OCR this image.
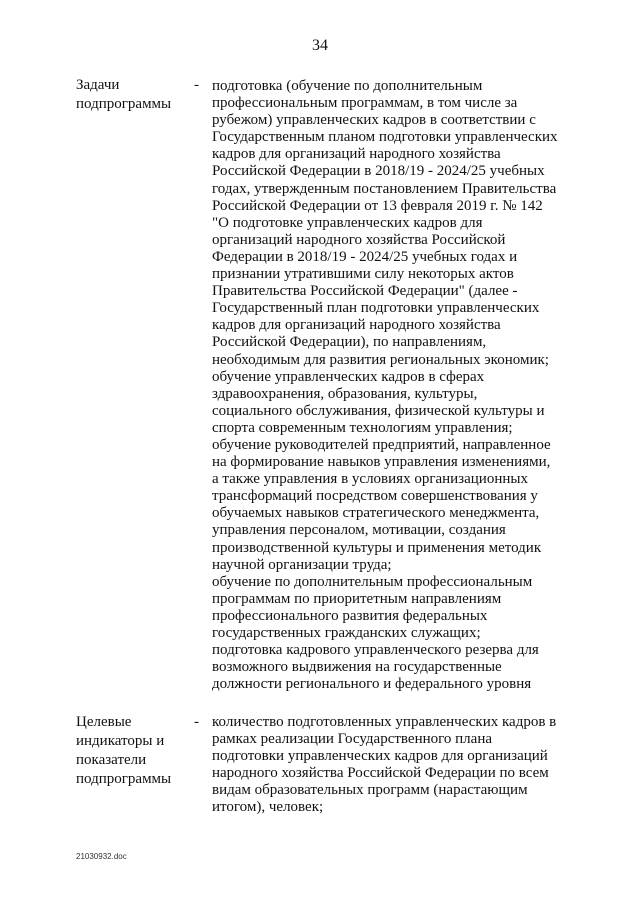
34
Задачи
подпрограммы
- подготовка (обучение по дополнительным
профессиональным программам, в том числе за
рубежом) управленческих кадров в соответствии с
Государственным планом подготовки управленческих
кадров для организаций народного хозяйства
Российской Федерации в 2018/19 - 2024/25 учебных
годах, утвержденным постановлением Правительства
Российской Федерации от 13 февраля 2019 г. № 142
"О подготовке управленческих кадров для
организаций народного хозяйства Российской
Федерации в 2018/19 - 2024/25 учебных годах и
признании утратившими силу некоторых актов
Правительства Российской Федерации" (далее -
Государственный план подготовки управленческих
кадров для организаций народного хозяйства
Российской Федерации), по направлениям,
необходимым для развития региональных экономик;
обучение управленческих кадров в сферах
здравоохранения, образования, культуры,
социального обслуживания, физической культуры и
спорта современным технологиям управления;
обучение руководителей предприятий, направленное
на формирование навыков управления изменениями,
а также управления в условиях организационных
трансформаций посредством совершенствования у
обучаемых навыков стратегического менеджмента,
управления персоналом, мотивации, создания
производственной культуры и применения методик
научной организации труда;
обучение по дополнительным профессиональным
программам по приоритетным направлениям
профессионального развития федеральных
государственных гражданских служащих;
подготовка кадрового управленческого резерва для
возможного выдвижения на государственные
должности регионального и федерального уровня
Целевые
индикаторы и
показатели
подпрограммы
- количество подготовленных управленческих кадров в
рамках реализации Государственного плана
подготовки управленческих кадров для организаций
народного хозяйства Российской Федерации по всем
видам образовательных программ (нарастающим
итогом), человек;
21030932.doc
